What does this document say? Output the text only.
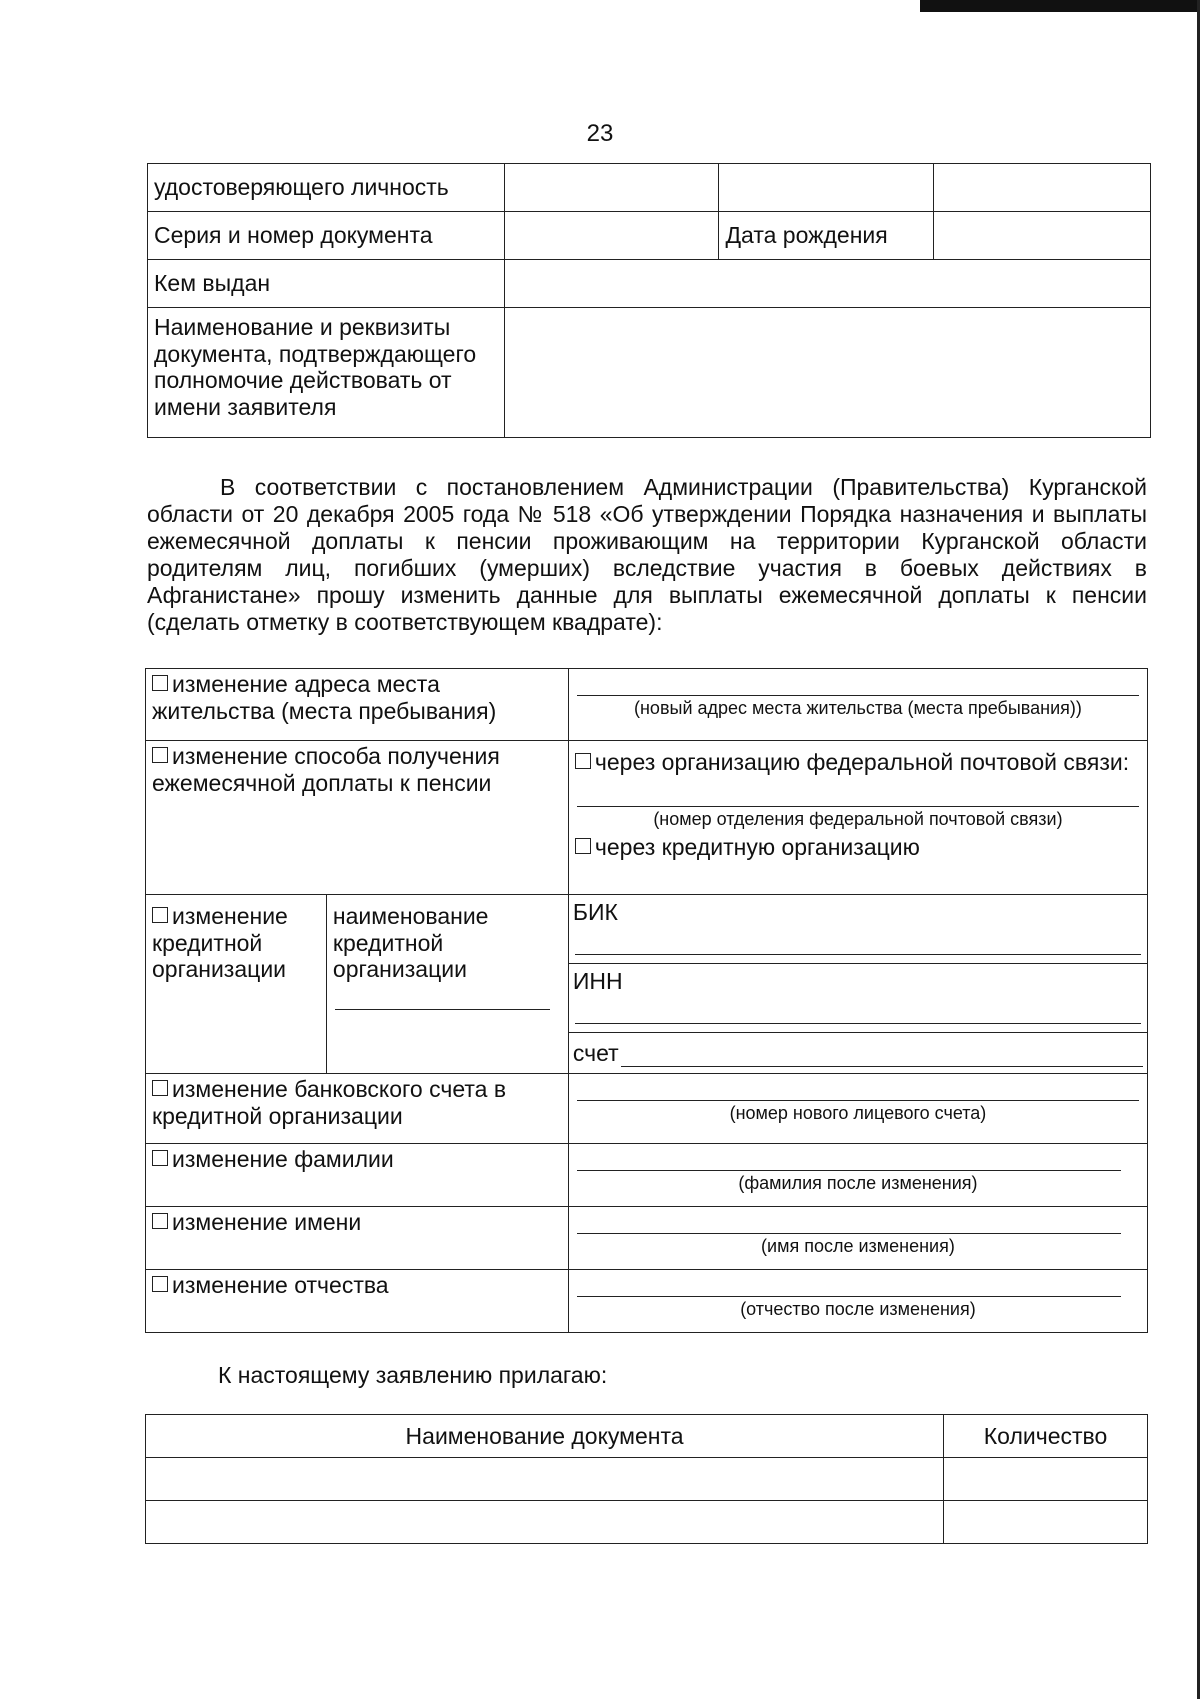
23
удостоверяющего личность			
Серия и номер документа		Дата рождения	
Кем выдан			
Наименование и реквизиты документа, подтверждающего полномочие действовать от имени заявителя			
В соответствии с постановлением Администрации (Правительства) Курганской области от 20 декабря 2005 года № 518 «Об утверждении Порядка назначения и выплаты ежемесячной доплаты к пенсии проживающим на территории Курганской области родителям лиц, погибших (умерших) вследствие участия в боевых действиях в Афганистане» прошу изменить данные для выплаты ежемесячной доплаты к пенсии (сделать отметку в соответствующем квадрате):
изменение адреса места жительства (места пребывания)		(новый адрес места жительства (места пребывания))

изменение способа получения ежемесячной доплаты к пенсии		через организацию федеральной почтовой связи:
(номер отделения федеральной почтовой связи)
через кредитную организацию

изменение кредитной организации	наименование кредитной организации	БИК
ИНН
счет

изменение банковского счета в кредитной организации		(номер нового лицевого счета)

изменение фамилии		(фамилия после изменения)

изменение имени		(имя после изменения)

изменение отчества		(отчество после изменения)
К настоящему заявлению прилагаю:
Наименование документа	Количество
